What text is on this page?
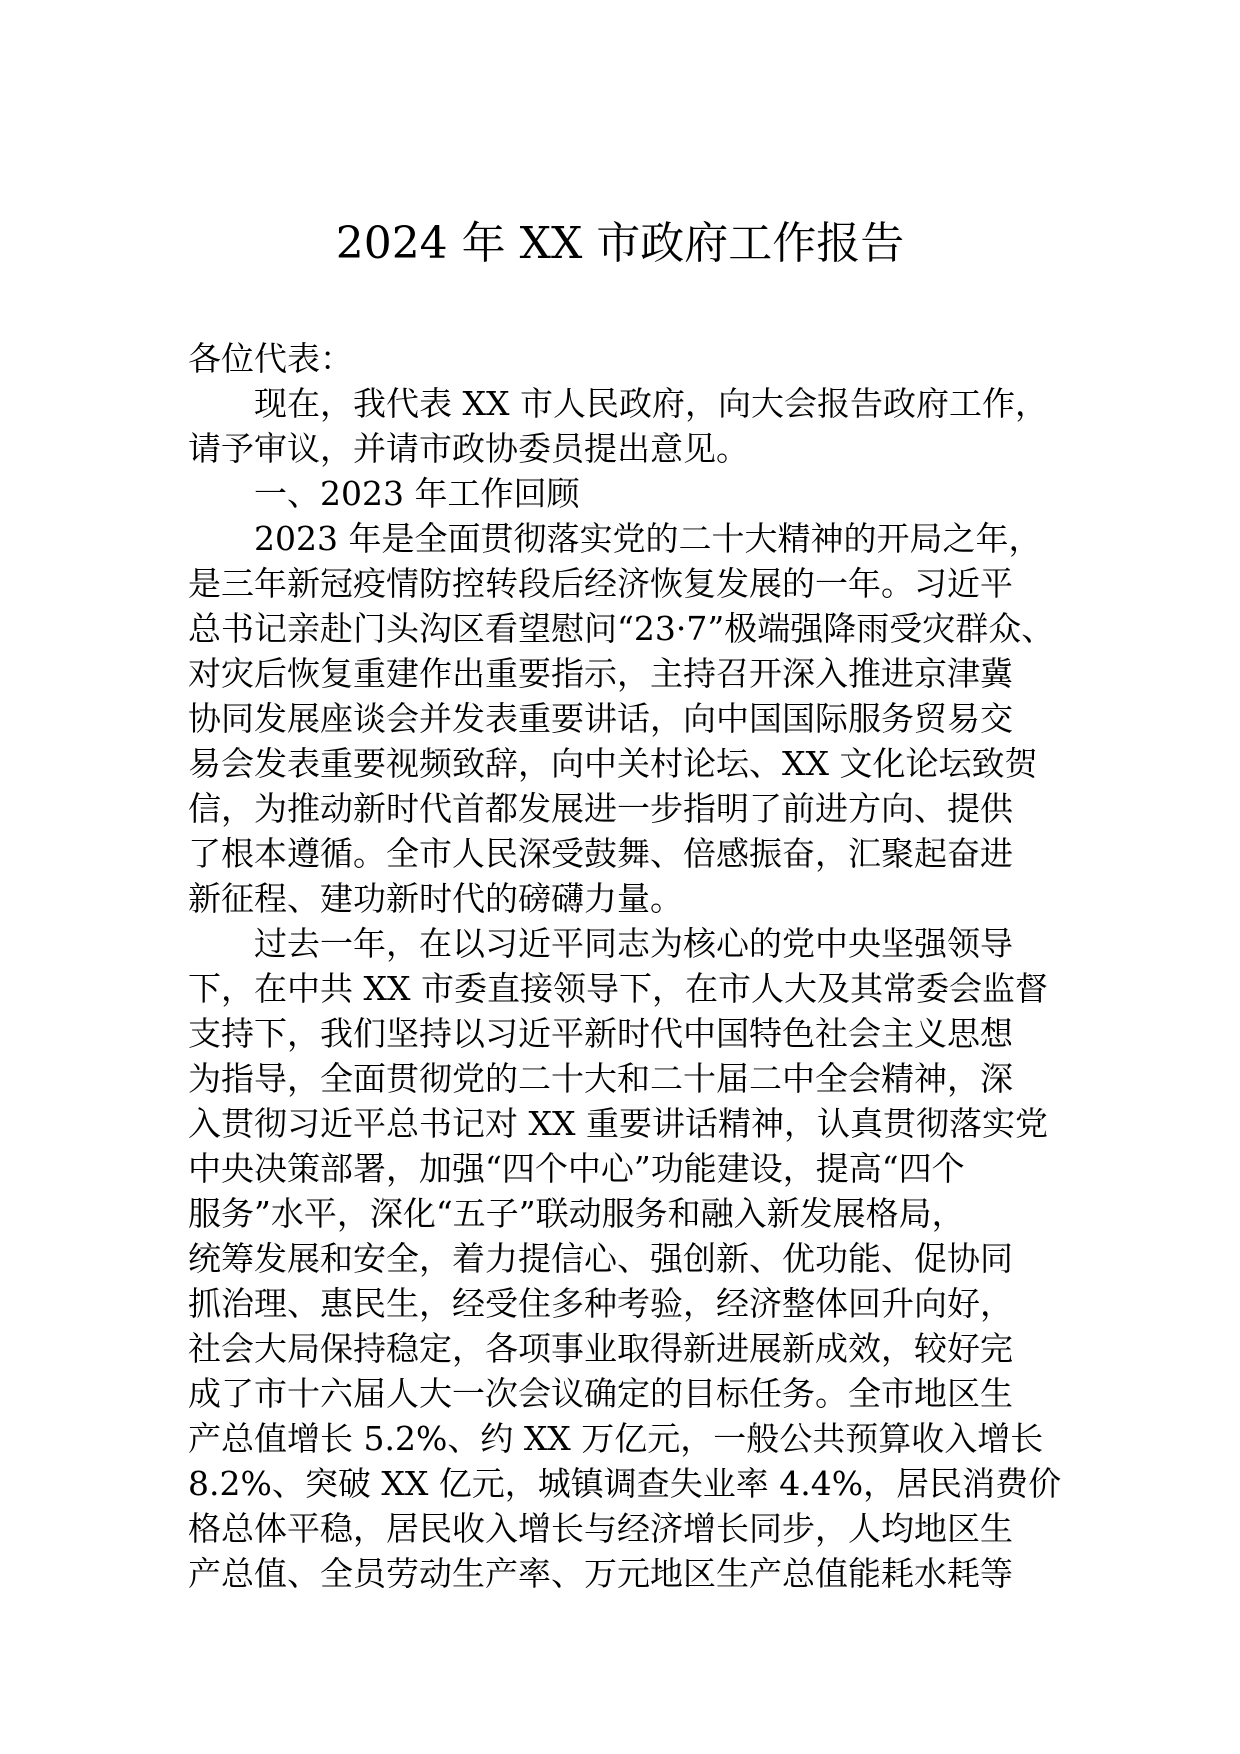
2024 年 XX 市政府工作报告
各位代表：
现在，我代表 XX 市人民政府，向大会报告政府工作，
请予审议，并请市政协委员提出意见。
一、2023 年工作回顾
2023 年是全面贯彻落实党的二十大精神的开局之年，
是三年新冠疫情防控转段后经济恢复发展的一年。习近平
总书记亲赴门头沟区看望慰问“23·7”极端强降雨受灾群众、
对灾后恢复重建作出重要指示，主持召开深入推进京津冀
协同发展座谈会并发表重要讲话，向中国国际服务贸易交
易会发表重要视频致辞，向中关村论坛、XX 文化论坛致贺
信，为推动新时代首都发展进一步指明了前进方向、提供
了根本遵循。全市人民深受鼓舞、倍感振奋，汇聚起奋进
新征程、建功新时代的磅礴力量。
过去一年，在以习近平同志为核心的党中央坚强领导
下，在中共 XX 市委直接领导下，在市人大及其常委会监督
支持下，我们坚持以习近平新时代中国特色社会主义思想
为指导，全面贯彻党的二十大和二十届二中全会精神，深
入贯彻习近平总书记对 XX 重要讲话精神，认真贯彻落实党
中央决策部署，加强“四个中心”功能建设，提高“四个
服务”水平，深化“五子”联动服务和融入新发展格局，
统筹发展和安全，着力提信心、强创新、优功能、促协同
抓治理、惠民生，经受住多种考验，经济整体回升向好，
社会大局保持稳定，各项事业取得新进展新成效，较好完
成了市十六届人大一次会议确定的目标任务。全市地区生
产总值增长 5.2%、约 XX 万亿元，一般公共预算收入增长
8.2%、突破 XX 亿元，城镇调查失业率 4.4%，居民消费价
格总体平稳，居民收入增长与经济增长同步，人均地区生
产总值、全员劳动生产率、万元地区生产总值能耗水耗等
